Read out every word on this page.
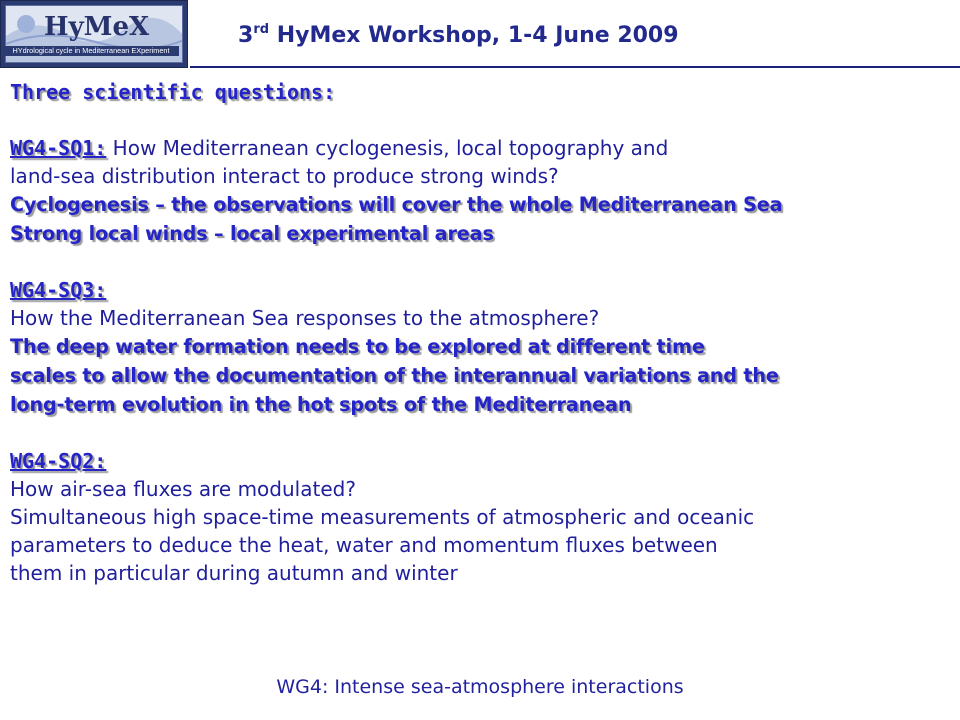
HyMeX
HYdrological cycle in Mediterranean EXperiment
3rd HyMex Workshop, 1-4 June 2009

Three scientific questions:

WG4-SQ1: How Mediterranean cyclogenesis, local topography and

land-sea distribution interact to produce strong winds?

Cyclogenesis – the observations will cover the whole Mediterranean Sea

Strong local winds – local experimental areas

WG4-SQ3:

How the Mediterranean Sea responses to the atmosphere?

The deep water formation needs to be explored at different time

scales to allow the documentation of the interannual variations and the

long-term evolution in the hot spots of the Mediterranean

WG4-SQ2:

How air-sea fluxes are modulated?

Simultaneous high space-time measurements of atmospheric and oceanic

parameters to deduce the heat, water and momentum fluxes between

them in particular during autumn and winter

WG4: Intense sea-atmosphere interactions
